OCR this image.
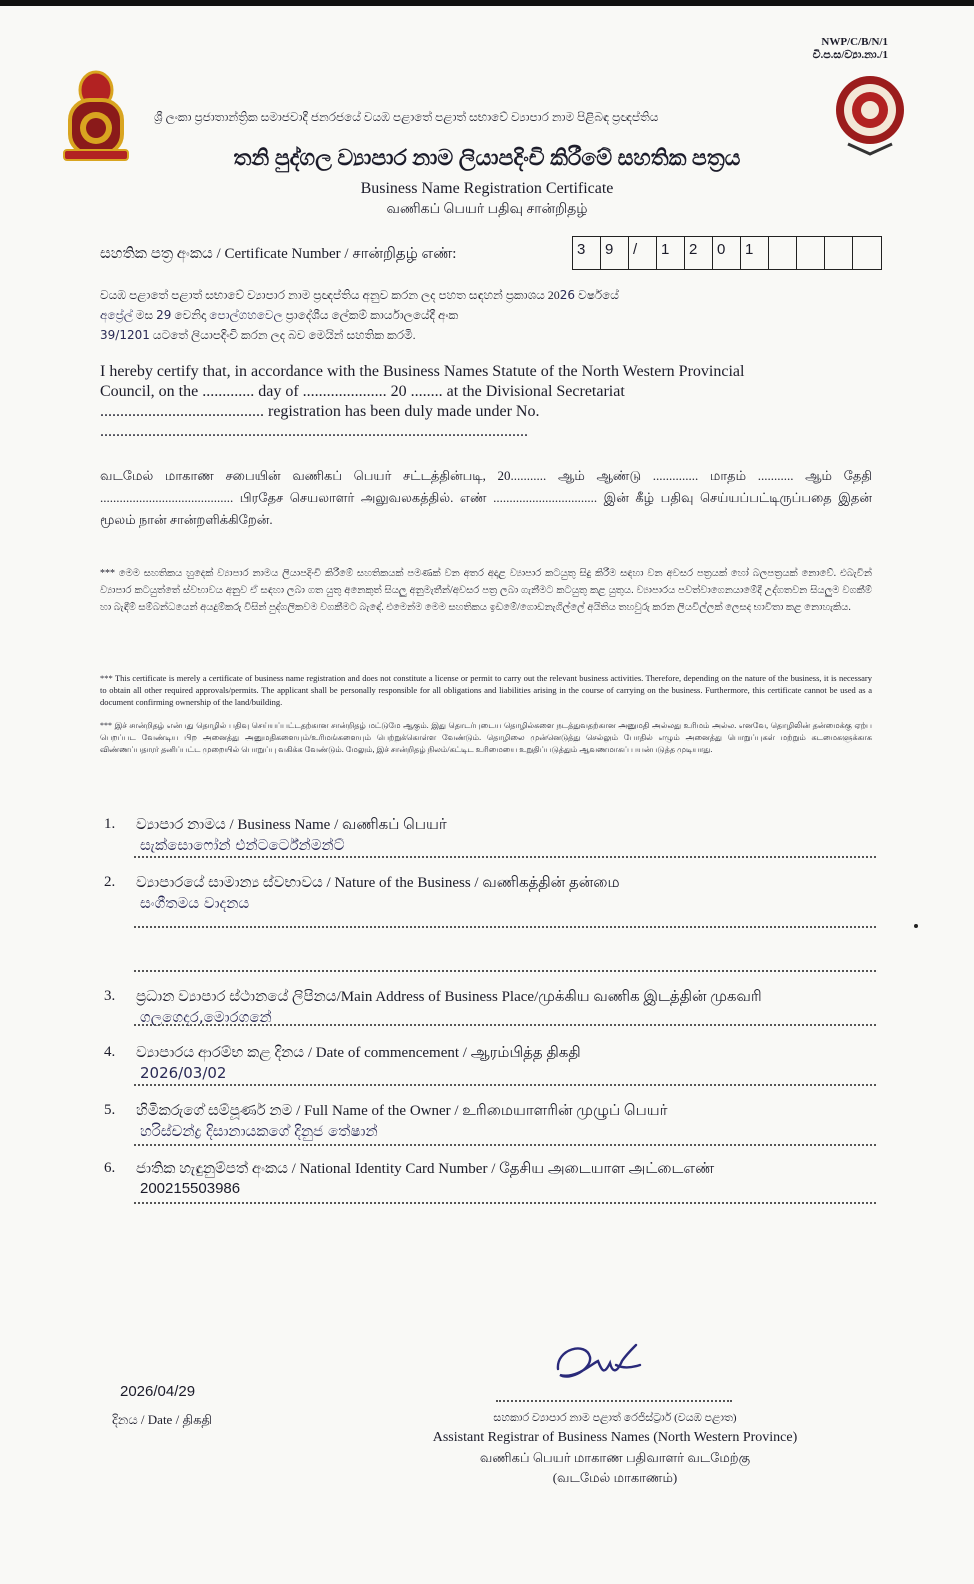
NWP/C/B/N/1
වි.ප.ස/ව්‍යා.නා./1
ශ්‍රී ලංකා ප්‍රජාතාන්ත්‍රික සමාජවාදී ජනරජයේ වයඹ පළාතේ පළාත් සභාවේ ව්‍යාපාර නාම පිළිබඳ ප්‍රඥප්තිය
තනි පුද්ගල ව්‍යාපාර නාම ලියාපදිංචි කිරීමේ සහතික පත්‍රය
Business Name Registration Certificate
வணிகப் பெயர் பதிவு சான்றிதழ்
සහතික පත්‍ර අංකය / Certificate Number / சான்றிதழ் எண்:	3	9	/	1	2	0	1
වයඹ පළාතේ පළාත් සභාවේ ව්‍යාපාර නාම ප්‍රඥප්තිය අනුව කරන ලද පහත සඳහන් ප්‍රකාශය 2026 වර්ෂයේ
අප්‍රේල් මස 29 වෙනිදා පොල්ගහවෙල ප්‍රාදේශීය ලේකම් කාර්යාලයේදී අංක
39/1201 යටතේ ලියාපදිංචි කරන ලද බව මෙයින් සහතික කරමි.
I hereby certify that, in accordance with the Business Names Statute of the North Western Provincial
Council, on the ............. day of ..................... 20 ........ at the Divisional Secretariat
......................................... registration has been duly made under No.
...........................................................................................................
வடமேல் மாகாண சபையின் வணிகப் பெயர் சட்டத்தின்படி, 20........... ஆம் ஆண்டு .............. மாதம் ........... ஆம் தேதி ......................................... பிரதேச செயலாளர் அலுவலகத்தில். எண் ................................ இன் கீழ் பதிவு செய்யப்பட்டிருப்பதை இதன் மூலம் நான் சான்றளிக்கிறேன்.
*** මෙම සහතිකය හුදෙක් ව්‍යාපාර නාමය ලියාපදිංචි කිරීමේ සහතිකයක් පමණක් වන අතර අදාළ ව්‍යාපාර කටයුතු සිදු කිරීම සඳහා වන අවසර පත්‍රයක් හෝ බලපත්‍රයක් නොවේ. එබැවින් ව්‍යාපාර කටයුත්තේ ස්වභාවය අනුව ඒ සඳහා ලබා ගත යුතු අනෙකුත් සියලු අනුමැතීන්/අවසර පත්‍ර ලබා ගැනීමට කටයුතු කළ යුතුය. ව්‍යාපාරය පවත්වාගෙනයාමේදී උද්ගතවන සියලුම වගකීම් හා බැඳීම් සම්බන්ධයෙන් අයදුම්කරු විසින් පුද්ගලිකවම වගකීමට බැඳේ. එමෙන්ම මෙම සහතිකය ඉඩමේ/ගොඩනැගිල්ලේ අයිතිය තහවුරු කරන ලියවිල්ලක් ලෙසද භාවිතා කළ නොහැකිය.
*** This certificate is merely a certificate of business name registration and does not constitute a license or permit to carry out the relevant business activities. Therefore, depending on the nature of the business, it is necessary to obtain all other required approvals/permits. The applicant shall be personally responsible for all obligations and liabilities arising in the course of carrying on the business. Furthermore, this certificate cannot be used as a document confirming ownership of the land/building.
*** இச் சான்றிதழ் என்பது தொழில் பதிவு செய்யப்பட்டதற்கான சான்றிதழ் மட்டுமே ஆகும். இது தொடர்புடைய தொழில்களை நடத்துவதற்கான அனுமதி அல்லது உரிமம் அல்ல. எனவே, தொழிலின் தன்மைக்கு ஏற்ப பெறப்பட வேண்டிய பிற அனைத்து அனுமதிகளையும்/உரிமங்களையும் பெற்றுக்கொள்ள வேண்டும். தொழிலை முன்னெடுத்து செல்லும் போதில் எழும் அனைத்து பொறுப்புகள் மற்றும் கடமைகளுக்காக விண்ணப்பதாரர் தனிப்பட்ட முறையில் பொறுப்பு வகிக்க வேண்டும். மேலும், இச் சான்றிதழ் நிலம்/கட்டிட உரிமையை உறுதிப்படுத்தும் ஆவணமாகப் பயன்படுத்த முடியாது.
1. ව්‍යාපාර නාමය / Business Name / வணிகப் பெயர்
සැක්සොෆෝන් එන්ටර්ටේන්මන්ට්
2. ව්‍යාපාරයේ සාමාන්‍ය ස්වභාවය / Nature of the Business / வணிகத்தின் தன்மை
සංගීතමය වාදනය
3. ප්‍රධාන ව්‍යාපාර ස්ථානයේ ලිපිනය/Main Address of Business Place/முக்கிய வணிக இடத்தின் முகவரி
ගලගෙදර,මොරගනේ
4. ව්‍යාපාරය ආරම්භ කළ දිනය / Date of commencement / ஆரம்பித்த திகதி
2026/03/02
5. හිමිකරුගේ සම්පූර්ණ නම / Full Name of the Owner / உரிமையாளரின் முழுப் பெயர்
හරිස්චන්ද්‍ර දිසානායකගේ දිනුජ තේෂාන්
6. ජාතික හැඳුනුම්පත් අංකය / National Identity Card Number / தேசிய அடையாள அட்டைஎண்
200215503986
2026/04/29
දිනය / Date / திகதி	සහකාර ව්‍යාපාර නාම පළාත් රෙජිස්ට්‍රාර් (වයඹ පළාත)
Assistant Registrar of Business Names (North Western Province)
வணிகப் பெயர் மாகாண பதிவாளர் வடமேற்கு
(வடமேல் மாகாணம்)
